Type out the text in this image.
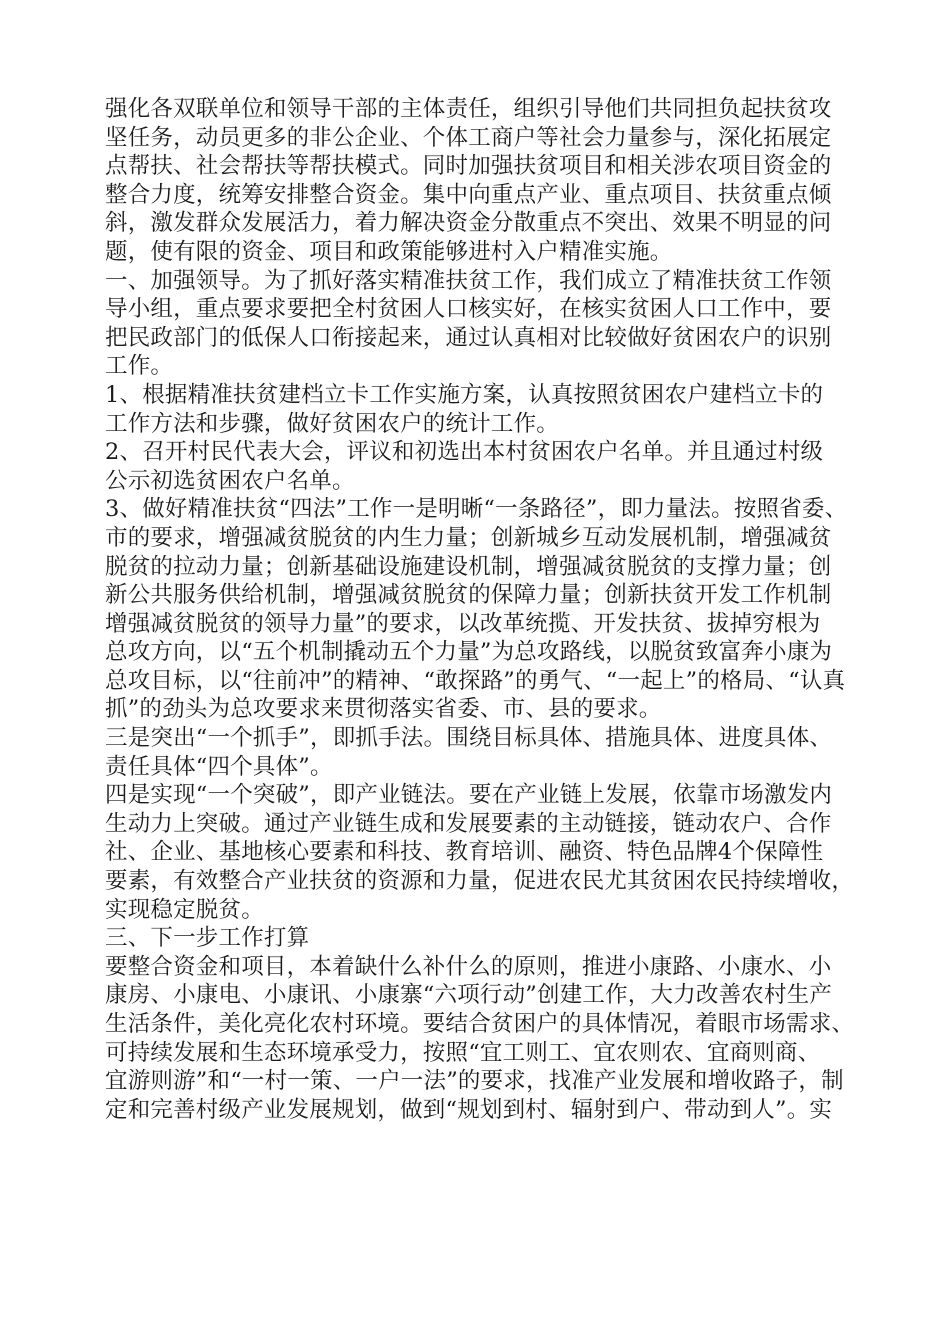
强化各双联单位和领导干部的主体责任，组织引导他们共同担负起扶贫攻
坚任务，动员更多的非公企业、个体工商户等社会力量参与，深化拓展定
点帮扶、社会帮扶等帮扶模式。同时加强扶贫项目和相关涉农项目资金的
整合力度，统筹安排整合资金。集中向重点产业、重点项目、扶贫重点倾
斜，激发群众发展活力，着力解决资金分散重点不突出、效果不明显的问
题，使有限的资金、项目和政策能够进村入户精准实施。
一、加强领导。为了抓好落实精准扶贫工作，我们成立了精准扶贫工作领
导小组，重点要求要把全村贫困人口核实好，在核实贫困人口工作中，要
把民政部门的低保人口衔接起来，通过认真相对比较做好贫困农户的识别
工作。
1、根据精准扶贫建档立卡工作实施方案，认真按照贫困农户建档立卡的
工作方法和步骤，做好贫困农户的统计工作。
2、召开村民代表大会，评议和初选出本村贫困农户名单。并且通过村级
公示初选贫困农户名单。
3、做好精准扶贫“四法”工作一是明晰“一条路径”，即力量法。按照省委、
市的要求，增强减贫脱贫的内生力量；创新城乡互动发展机制，增强减贫
脱贫的拉动力量；创新基础设施建设机制，增强减贫脱贫的支撑力量；创
新公共服务供给机制，增强减贫脱贫的保障力量；创新扶贫开发工作机制
增强减贫脱贫的领导力量”的要求，以改革统揽、开发扶贫、拔掉穷根为
总攻方向，以“五个机制撬动五个力量”为总攻路线，以脱贫致富奔小康为
总攻目标，以“往前冲”的精神、“敢探路”的勇气、“一起上”的格局、“认真
抓”的劲头为总攻要求来贯彻落实省委、市、县的要求。
三是突出“一个抓手”，即抓手法。围绕目标具体、措施具体、进度具体、
责任具体“四个具体”。
四是实现“一个突破”，即产业链法。要在产业链上发展，依靠市场激发内
生动力上突破。通过产业链生成和发展要素的主动链接，链动农户、合作
社、企业、基地核心要素和科技、教育培训、融资、特色品牌4个保障性
要素，有效整合产业扶贫的资源和力量，促进农民尤其贫困农民持续增收，
实现稳定脱贫。
三、下一步工作打算
要整合资金和项目，本着缺什么补什么的原则，推进小康路、小康水、小
康房、小康电、小康讯、小康寨“六项行动”创建工作，大力改善农村生产
生活条件，美化亮化农村环境。要结合贫困户的具体情况，着眼市场需求、
可持续发展和生态环境承受力，按照“宜工则工、宜农则农、宜商则商、
宜游则游”和“一村一策、一户一法”的要求，找准产业发展和增收路子，制
定和完善村级产业发展规划，做到“规划到村、辐射到户、带动到人”。实
